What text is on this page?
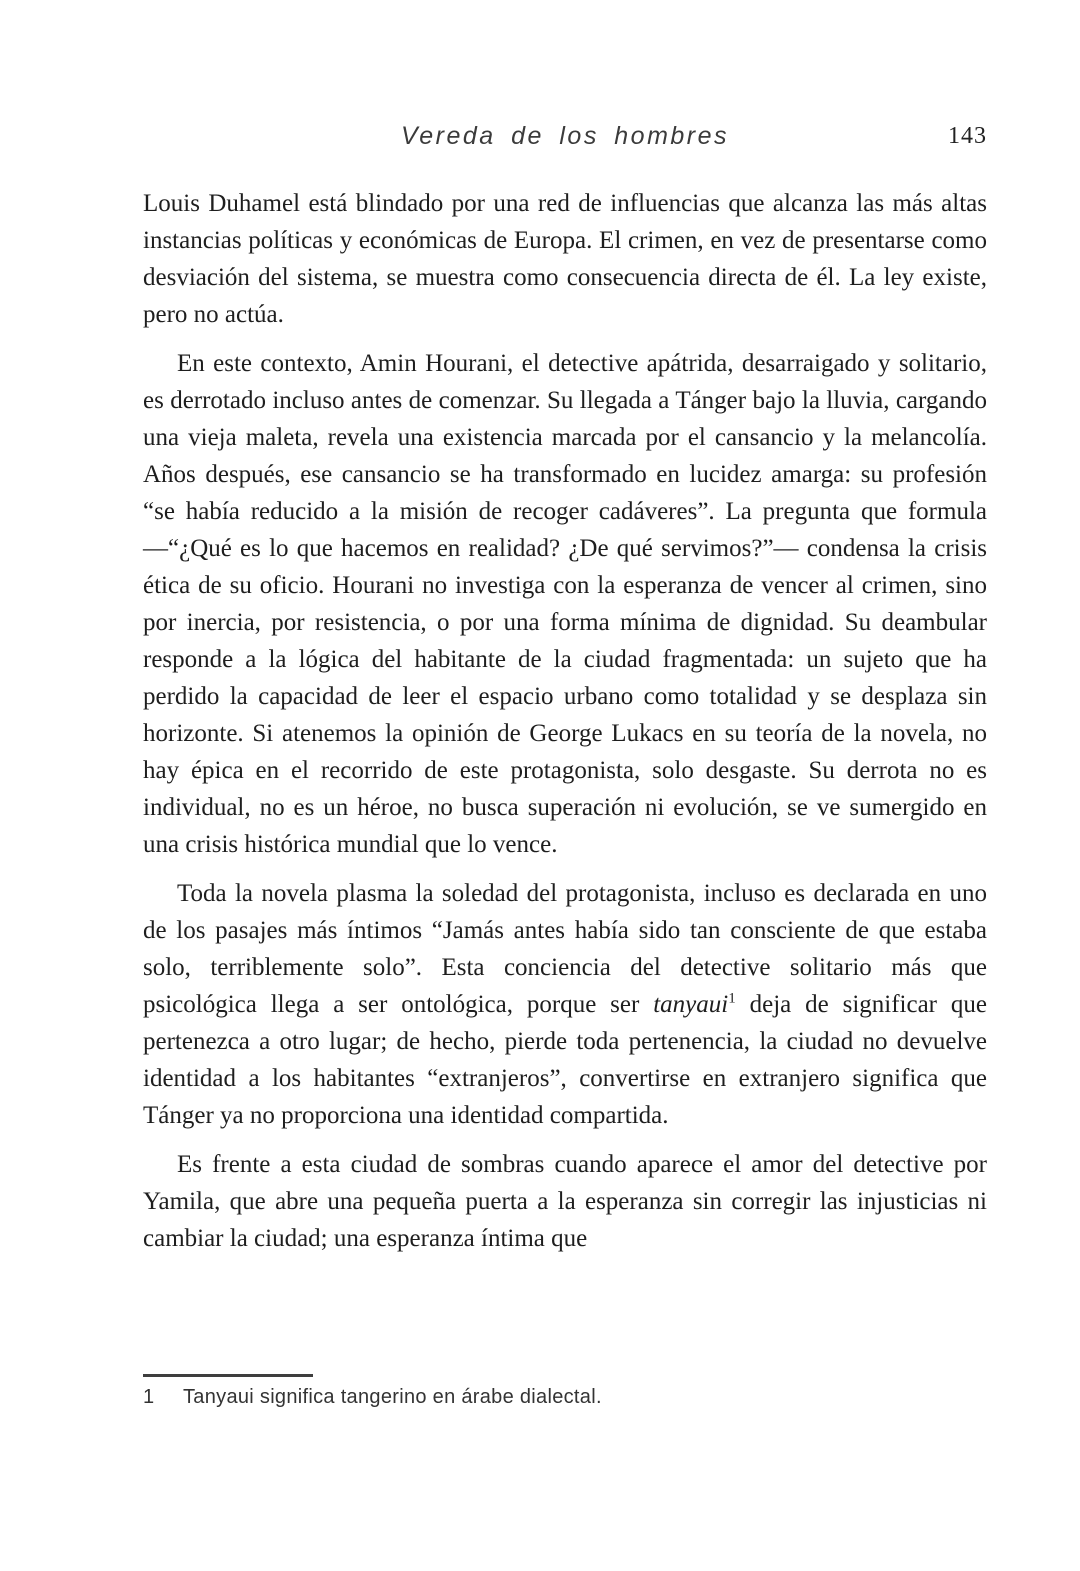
Vereda de los hombres	143

Louis Duhamel está blindado por una red de influencias que alcanza las más altas instancias políticas y económicas de Europa. El crimen, en vez de presentarse como desviación del sistema, se muestra como consecuencia directa de él. La ley existe, pero no actúa.

En este contexto, Amin Hourani, el detective apátrida, desarraigado y solitario, es derrotado incluso antes de comenzar. Su llegada a Tánger bajo la lluvia, cargando una vieja maleta, revela una existencia marcada por el cansancio y la melancolía. Años después, ese cansancio se ha transformado en lucidez amarga: su profesión “se había reducido a la misión de recoger cadáveres”. La pregunta que formula —“¿Qué es lo que hacemos en realidad? ¿De qué servimos?”— condensa la crisis ética de su oficio. Hourani no investiga con la esperanza de vencer al crimen, sino por inercia, por resistencia, o por una forma mínima de dignidad. Su deambular responde a la lógica del habitante de la ciudad fragmentada: un sujeto que ha perdido la capacidad de leer el espacio urbano como totalidad y se desplaza sin horizonte. Si atenemos la opinión de George Lukacs en su teoría de la novela, no hay épica en el recorrido de este protagonista, solo desgaste. Su derrota no es individual, no es un héroe, no busca superación ni evolución, se ve sumergido en una crisis histórica mundial que lo vence.

Toda la novela plasma la soledad del protagonista, incluso es declarada en uno de los pasajes más íntimos “Jamás antes había sido tan consciente de que estaba solo, terriblemente solo”. Esta conciencia del detective solitario más que psicológica llega a ser ontológica, porque ser tanyaui$^1$ deja de significar que pertenezca a otro lugar; de hecho, pierde toda pertenencia, la ciudad no devuelve identidad a los habitantes “extranjeros”, convertirse en extranjero significa que Tánger ya no proporciona una identidad compartida.

Es frente a esta ciudad de sombras cuando aparece el amor del detective por Yamila, que abre una pequeña puerta a la esperanza sin corregir las injusticias ni cambiar la ciudad; una esperanza íntima que

1 Tanyaui significa tangerino en árabe dialectal.
